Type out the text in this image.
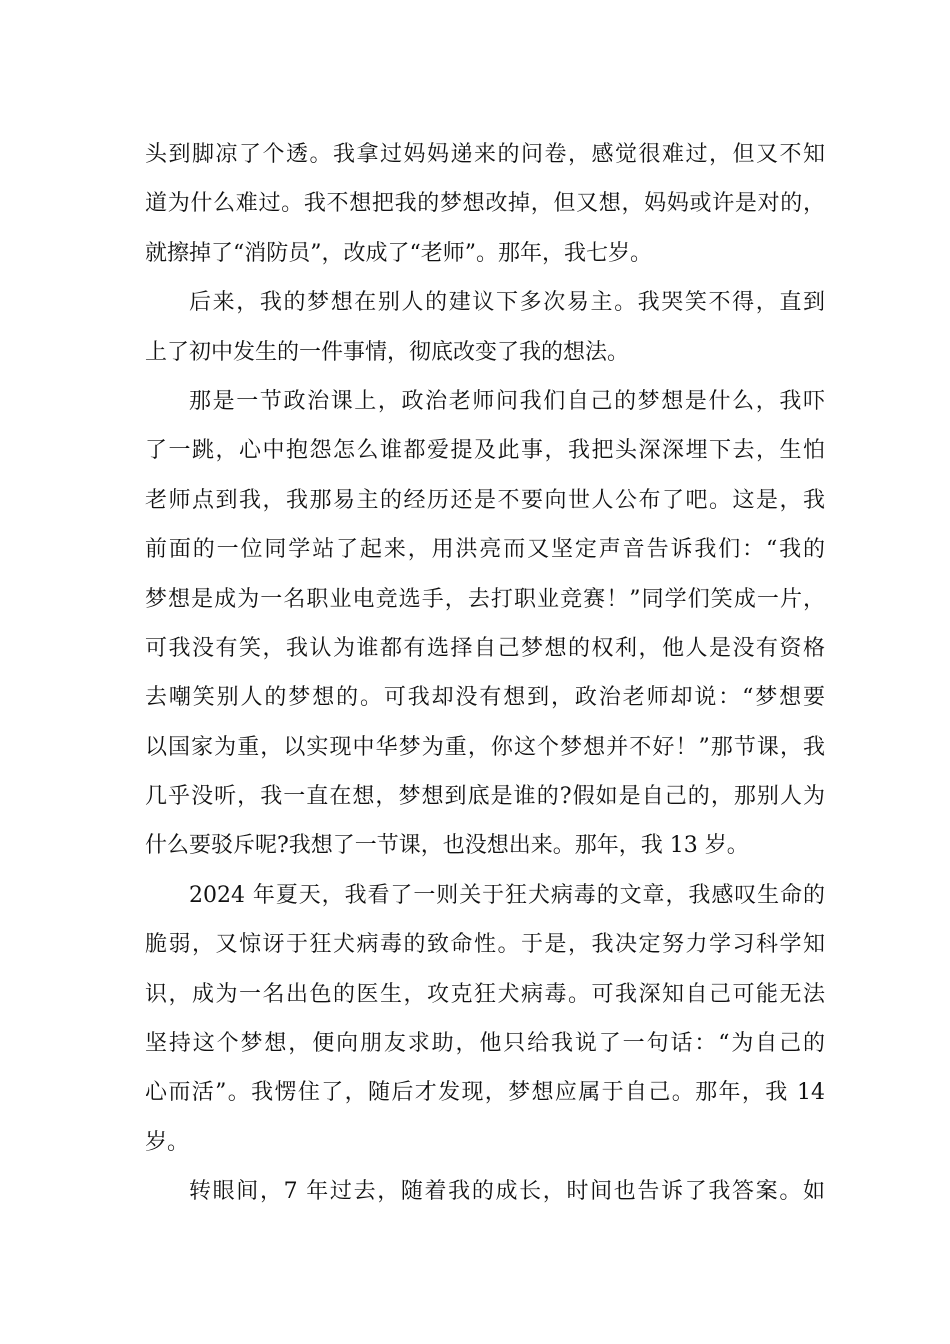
头到脚凉了个透。我拿过妈妈递来的问卷，感觉很难过，但又不知
道为什么难过。我不想把我的梦想改掉，但又想，妈妈或许是对的，
就擦掉了“消防员”，改成了“老师”。那年，我七岁。
后来，我的梦想在别人的建议下多次易主。我哭笑不得，直到
上了初中发生的一件事情，彻底改变了我的想法。
那是一节政治课上，政治老师问我们自己的梦想是什么，我吓
了一跳，心中抱怨怎么谁都爱提及此事，我把头深深埋下去，生怕
老师点到我，我那易主的经历还是不要向世人公布了吧。这是，我
前面的一位同学站了起来，用洪亮而又坚定声音告诉我们：“我的
梦想是成为一名职业电竞选手，去打职业竞赛！”同学们笑成一片，
可我没有笑，我认为谁都有选择自己梦想的权利，他人是没有资格
去嘲笑别人的梦想的。可我却没有想到，政治老师却说：“梦想要
以国家为重，以实现中华梦为重，你这个梦想并不好！”那节课，我
几乎没听，我一直在想，梦想到底是谁的?假如是自己的，那别人为
什么要驳斥呢?我想了一节课，也没想出来。那年，我 13 岁。
2024 年夏天，我看了一则关于狂犬病毒的文章，我感叹生命的
脆弱，又惊讶于狂犬病毒的致命性。于是，我决定努力学习科学知
识，成为一名出色的医生，攻克狂犬病毒。可我深知自己可能无法
坚持这个梦想，便向朋友求助，他只给我说了一句话：“为自己的
心而活”。我愣住了，随后才发现，梦想应属于自己。那年，我 14
岁。
转眼间，7 年过去，随着我的成长，时间也告诉了我答案。如
